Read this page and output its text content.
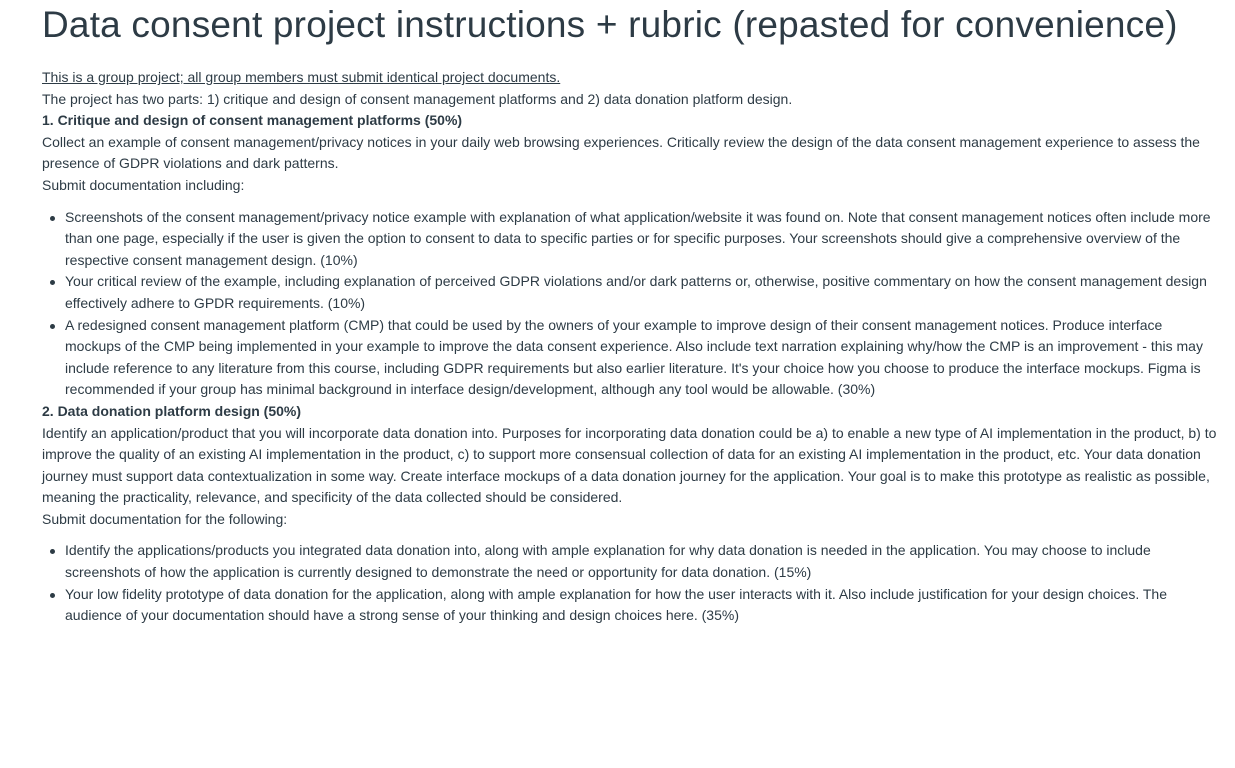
Data consent project instructions + rubric (repasted for convenience)

This is a group project; all group members must submit identical project documents.

The project has two parts: 1) critique and design of consent management platforms and 2) data donation platform design.

1. Critique and design of consent management platforms (50%)

Collect an example of consent management/privacy notices in your daily web browsing experiences. Critically review the design of the data consent management experience to assess the presence of GDPR violations and dark patterns.

Submit documentation including:

Screenshots of the consent management/privacy notice example with explanation of what application/website it was found on. Note that consent management notices often include more than one page, especially if the user is given the option to consent to data to specific parties or for specific purposes. Your screenshots should give a comprehensive overview of the respective consent management design. (10%)
Your critical review of the example, including explanation of perceived GDPR violations and/or dark patterns or, otherwise, positive commentary on how the consent management design effectively adhere to GPDR requirements. (10%)
A redesigned consent management platform (CMP) that could be used by the owners of your example to improve design of their consent management notices. Produce interface mockups of the CMP being implemented in your example to improve the data consent experience. Also include text narration explaining why/how the CMP is an improvement - this may include reference to any literature from this course, including GDPR requirements but also earlier literature. It's your choice how you choose to produce the interface mockups. Figma is recommended if your group has minimal background in interface design/development, although any tool would be allowable. (30%)
2. Data donation platform design (50%)

Identify an application/product that you will incorporate data donation into. Purposes for incorporating data donation could be a) to enable a new type of AI implementation in the product, b) to improve the quality of an existing AI implementation in the product, c) to support more consensual collection of data for an existing AI implementation in the product, etc. Your data donation journey must support data contextualization in some way. Create interface mockups of a data donation journey for the application. Your goal is to make this prototype as realistic as possible, meaning the practicality, relevance, and specificity of the data collected should be considered.

Submit documentation for the following:

Identify the applications/products you integrated data donation into, along with ample explanation for why data donation is needed in the application. You may choose to include screenshots of how the application is currently designed to demonstrate the need or opportunity for data donation. (15%)
Your low fidelity prototype of data donation for the application, along with ample explanation for how the user interacts with it. Also include justification for your design choices. The audience of your documentation should have a strong sense of your thinking and design choices here. (35%)
